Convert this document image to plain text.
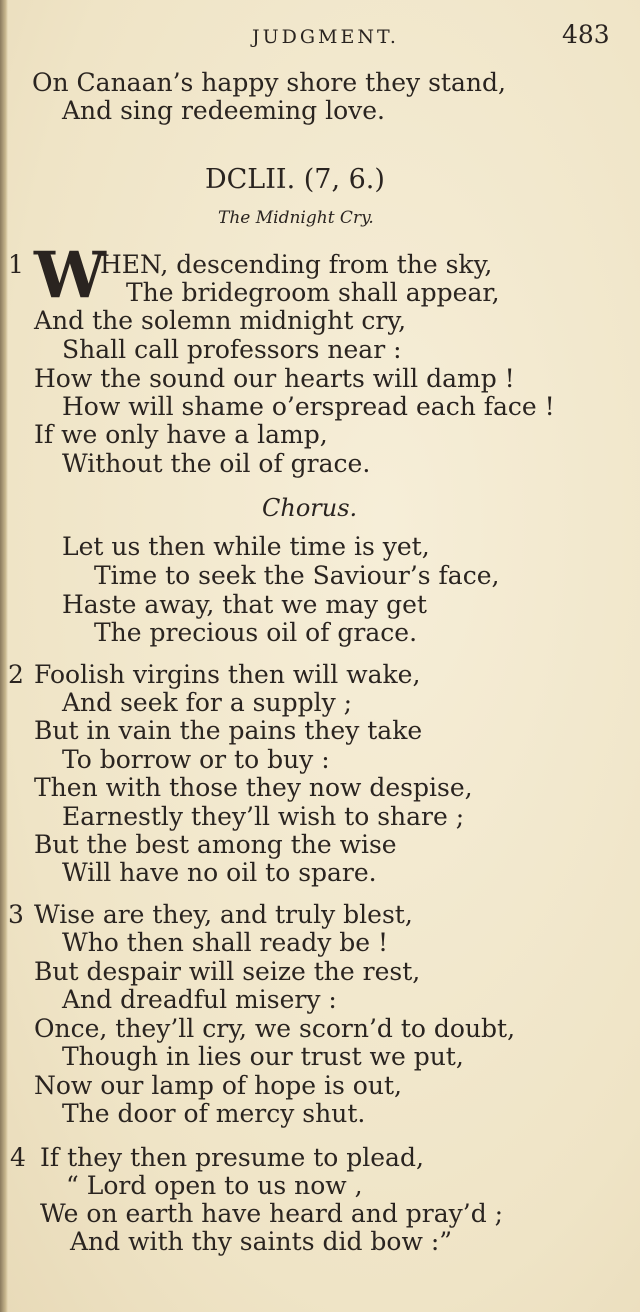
JUDGMENT.	483
On Canaan’s happy shore they stand,
And sing redeeming love.
DCLII. (7, 6.)
The Midnight Cry.
1 W
HEN, descending from the sky,
The bridegroom shall appear,
And the solemn midnight cry,
Shall call professors near :
How the sound our hearts will damp !
How will shame o’erspread each face !
If we only have a lamp,
Without the oil of grace.
Chorus.
Let us then while time is yet,
Time to seek the Saviour’s face,
Haste away, that we may get
The precious oil of grace.
2 Foolish virgins then will wake,
And seek for a supply ;
But in vain the pains they take
To borrow or to buy :
Then with those they now despise,
Earnestly they’ll wish to share ;
But the best among the wise
Will have no oil to spare.
3 Wise are they, and truly blest,
Who then shall ready be !
But despair will seize the rest,
And dreadful misery :
Once, they’ll cry, we scorn’d to doubt,
Though in lies our trust we put,
Now our lamp of hope is out,
The door of mercy shut.
4 If they then presume to plead,
“ Lord open to us now ,
We on earth have heard and pray’d ;
And with thy saints did bow :”
